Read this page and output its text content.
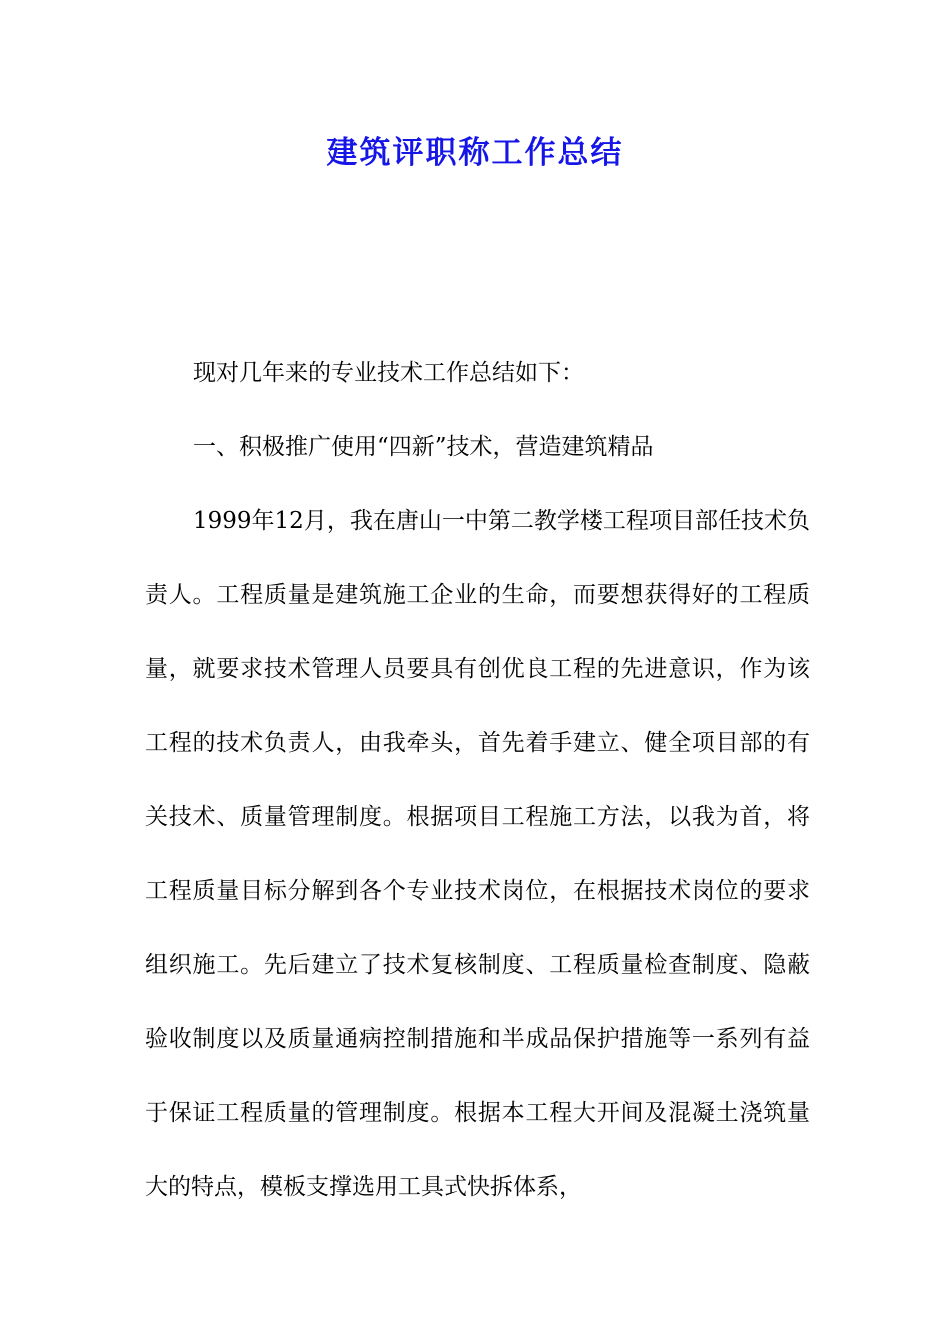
建筑评职称工作总结

现对几年来的专业技术工作总结如下：

一、积极推广使用“四新”技术，营造建筑精品

1999年12月，我在唐山一中第二教学楼工程项目部任技术负责人。工程质量是建筑施工企业的生命，而要想获得好的工程质量，就要求技术管理人员要具有创优良工程的先进意识，作为该工程的技术负责人，由我牵头，首先着手建立、健全项目部的有关技术、质量管理制度。根据项目工程施工方法，以我为首，将工程质量目标分解到各个专业技术岗位，在根据技术岗位的要求组织施工。先后建立了技术复核制度、工程质量检查制度、隐蔽验收制度以及质量通病控制措施和半成品保护措施等一系列有益于保证工程质量的管理制度。根据本工程大开间及混凝土浇筑量大的特点，模板支撑选用工具式快拆体系，
